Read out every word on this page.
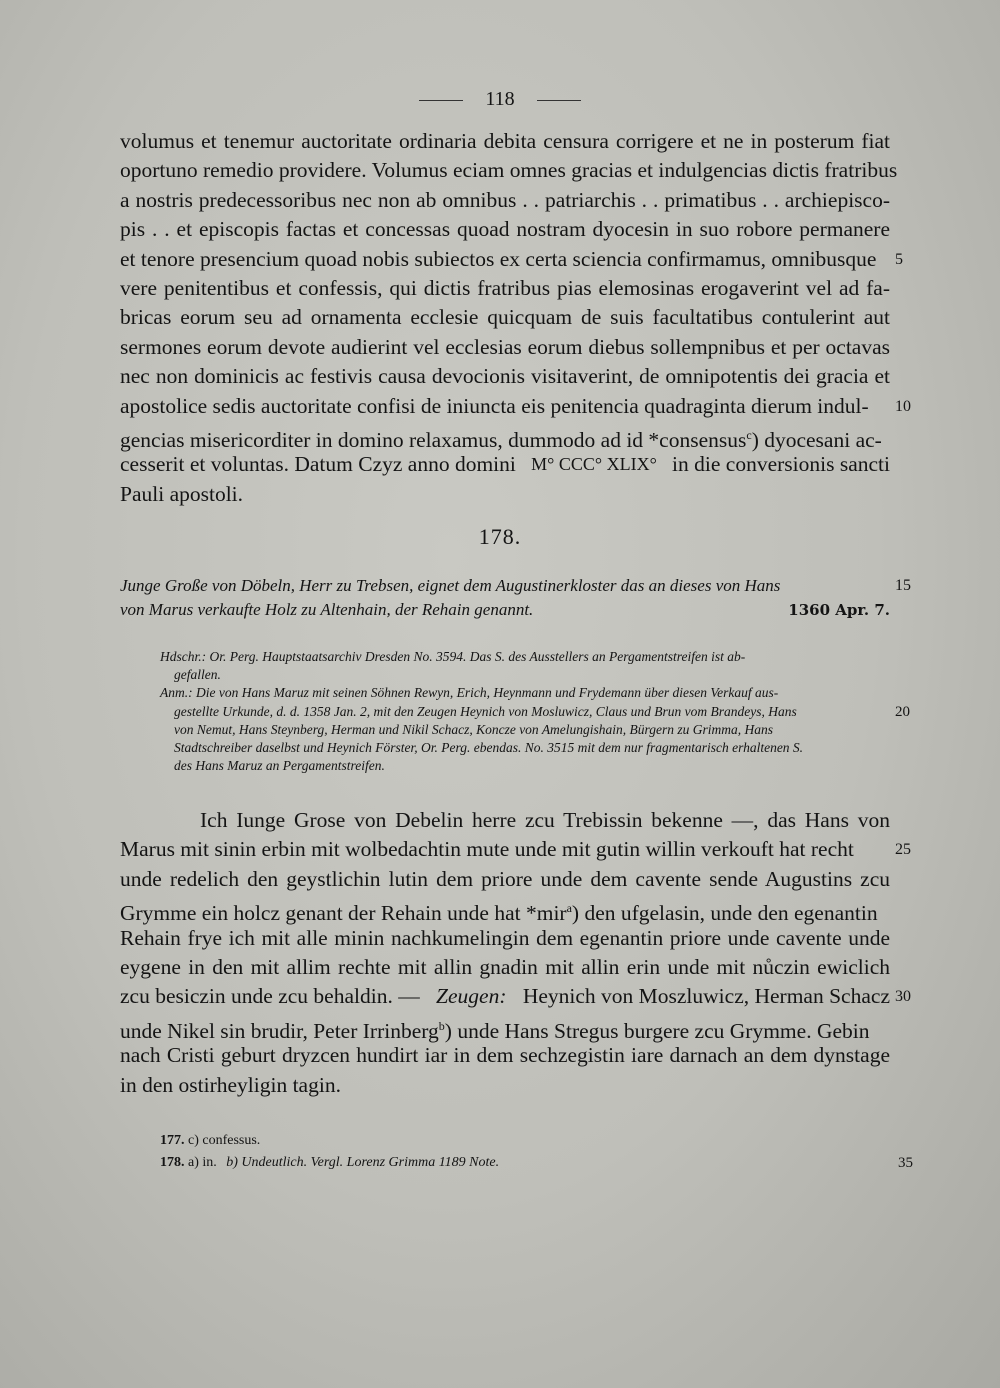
118
volumus et tenemur auctoritate ordinaria debita censura corrigere et ne in posterum fiat
oportuno remedio providere. Volumus eciam omnes gracias et indulgencias dictis fratribus
a nostris predecessoribus nec non ab omnibus . . patriarchis . . primatibus . . archiepisco-
pis . . et episcopis factas et concessas quoad nostram dyocesin in suo robore permanere
et tenore presencium quoad nobis subiectos ex certa sciencia confirmamus, omnibusque	5
vere penitentibus et confessis, qui dictis fratribus pias elemosinas erogaverint vel ad fa-
bricas eorum seu ad ornamenta ecclesie quicquam de suis facultatibus contulerint aut
sermones eorum devote audierint vel ecclesias eorum diebus sollempnibus et per octavas
nec non dominicis ac festivis causa devocionis visitaverint, de omnipotentis dei gracia et
apostolice sedis auctoritate confisi de iniuncta eis penitencia quadraginta dierum indul-	10
gencias misericorditer in domino relaxamus, dummodo ad id *consensus$^c$) dyocesani ac-
cesserit et voluntas. Datum Czyz anno domini M° CCC° XLIX° in die conversionis sancti
Pauli apostoli.
178.
Junge Große von Döbeln, Herr zu Trebsen, eignet dem Augustinerkloster das an dieses von Hans	15
von Marus verkaufte Holz zu Altenhain, der Rehain genannt.	1360 Apr. 7.
Hdschr.: Or. Perg. Hauptstaatsarchiv Dresden No. 3594. Das S. des Ausstellers an Pergamentstreifen ist ab-
gefallen.
Anm.: Die von Hans Maruz mit seinen Söhnen Rewyn, Erich, Heynmann und Frydemann über diesen Verkauf aus-
gestellte Urkunde, d. d. 1358 Jan. 2, mit den Zeugen Heynich von Mosluwicz, Claus und Brun vom Brandeys, Hans	20
von Nemut, Hans Steynberg, Herman und Nikil Schacz, Koncze von Amelungishain, Bürgern zu Grimma, Hans
Stadtschreiber daselbst und Heynich Förster, Or. Perg. ebendas. No. 3515 mit dem nur fragmentarisch erhaltenen S.
des Hans Maruz an Pergamentstreifen.
Ich Iunge Grose von Debelin herre zcu Trebissin bekenne —, das Hans von
Marus mit sinin erbin mit wolbedachtin mute unde mit gutin willin verkouft hat recht	25
unde redelich den geystlichin lutin dem priore unde dem cavente sende Augustins zcu
Grymme ein holcz genant der Rehain unde hat *mir$^a$) den ufgelasin, unde den egenantin
Rehain frye ich mit alle minin nachkumelingin dem egenantin priore unde cavente unde
eygene in den mit allim rechte mit allin gnadin mit allin erin unde mit nůczin ewiclich
zcu besiczin unde zcu behaldin. — Zeugen: Heynich von Moszluwicz, Herman Schacz 30
unde Nikel sin brudir, Peter Irrinberg$^b$) unde Hans Stregus burgere zcu Grymme. Gebin
nach Cristi geburt dryzcen hundirt iar in dem sechzegistin iare darnach an dem dynstage
in den ostirheyligin tagin.
177. c) confessus.
178. a) in. b) Undeutlich. Vergl. Lorenz Grimma 1189 Note.	35
